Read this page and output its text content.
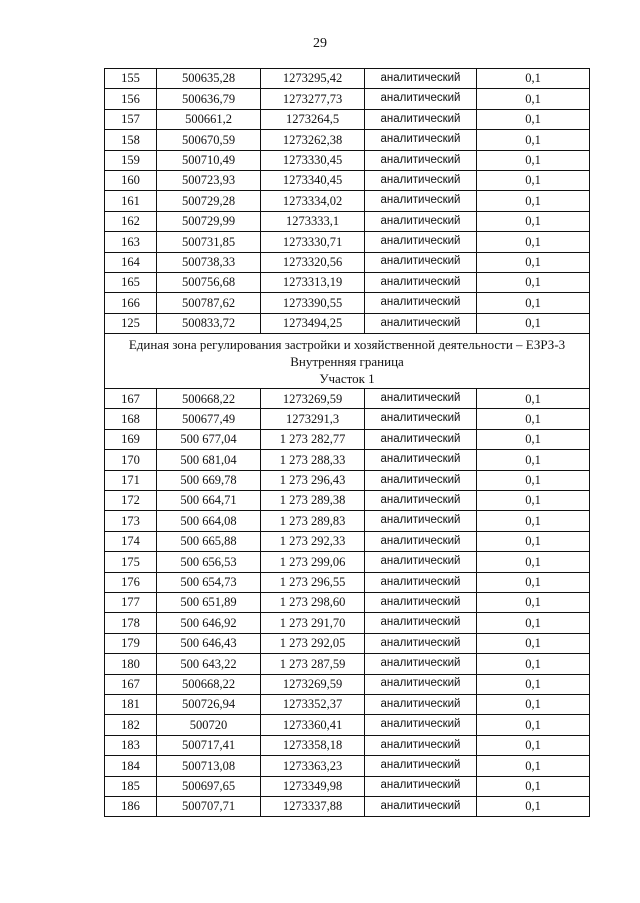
29
155	500635,28	1273295,42	аналитический	0,1
156	500636,79	1273277,73	аналитический	0,1
157	500661,2	1273264,5	аналитический	0,1
158	500670,59	1273262,38	аналитический	0,1
159	500710,49	1273330,45	аналитический	0,1
160	500723,93	1273340,45	аналитический	0,1
161	500729,28	1273334,02	аналитический	0,1
162	500729,99	1273333,1	аналитический	0,1
163	500731,85	1273330,71	аналитический	0,1
164	500738,33	1273320,56	аналитический	0,1
165	500756,68	1273313,19	аналитический	0,1
166	500787,62	1273390,55	аналитический	0,1
125	500833,72	1273494,25	аналитический	0,1

Единая зона регулирования застройки и хозяйственной деятельности – ЕЗРЗ-3
Внутренняя граница
Участок 1				

167	500668,22	1273269,59	аналитический	0,1
168	500677,49	1273291,3	аналитический	0,1
169	500 677,04	1 273 282,77	аналитический	0,1
170	500 681,04	1 273 288,33	аналитический	0,1
171	500 669,78	1 273 296,43	аналитический	0,1
172	500 664,71	1 273 289,38	аналитический	0,1
173	500 664,08	1 273 289,83	аналитический	0,1
174	500 665,88	1 273 292,33	аналитический	0,1
175	500 656,53	1 273 299,06	аналитический	0,1
176	500 654,73	1 273 296,55	аналитический	0,1
177	500 651,89	1 273 298,60	аналитический	0,1
178	500 646,92	1 273 291,70	аналитический	0,1
179	500 646,43	1 273 292,05	аналитический	0,1
180	500 643,22	1 273 287,59	аналитический	0,1
167	500668,22	1273269,59	аналитический	0,1
181	500726,94	1273352,37	аналитический	0,1
182	500720	1273360,41	аналитический	0,1
183	500717,41	1273358,18	аналитический	0,1
184	500713,08	1273363,23	аналитический	0,1
185	500697,65	1273349,98	аналитический	0,1
186	500707,71	1273337,88	аналитический	0,1
